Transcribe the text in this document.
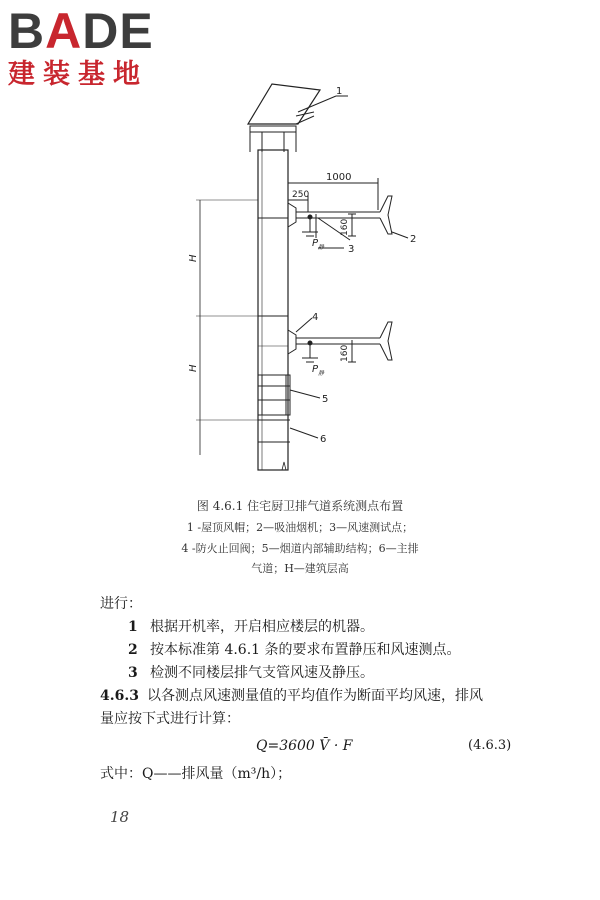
BADE
建装基地
1
2
3
4
5
6
1000
250
160
160
H
H
$P_静$
$P_静$
图 4.6.1 住宅厨卫排气道系统测点布置
1 -屋顶风帽；2—吸油烟机；3—风速测试点；
4 -防火止回阀；5—烟道内部辅助结构；6—主排
气道；H—建筑层高
进行：
1 根据开机率，开启相应楼层的机器。
2 按本标准第 4.6.1 条的要求布置静压和风速测点。
3 检测不同楼层排气支管风速及静压。
4.6.3 以各测点风速测量值的平均值作为断面平均风速，排风
量应按下式进行计算：
Q=3600 V̄ · F	(4.6.3)
式中：Q——排风量（m³/h）；
18
